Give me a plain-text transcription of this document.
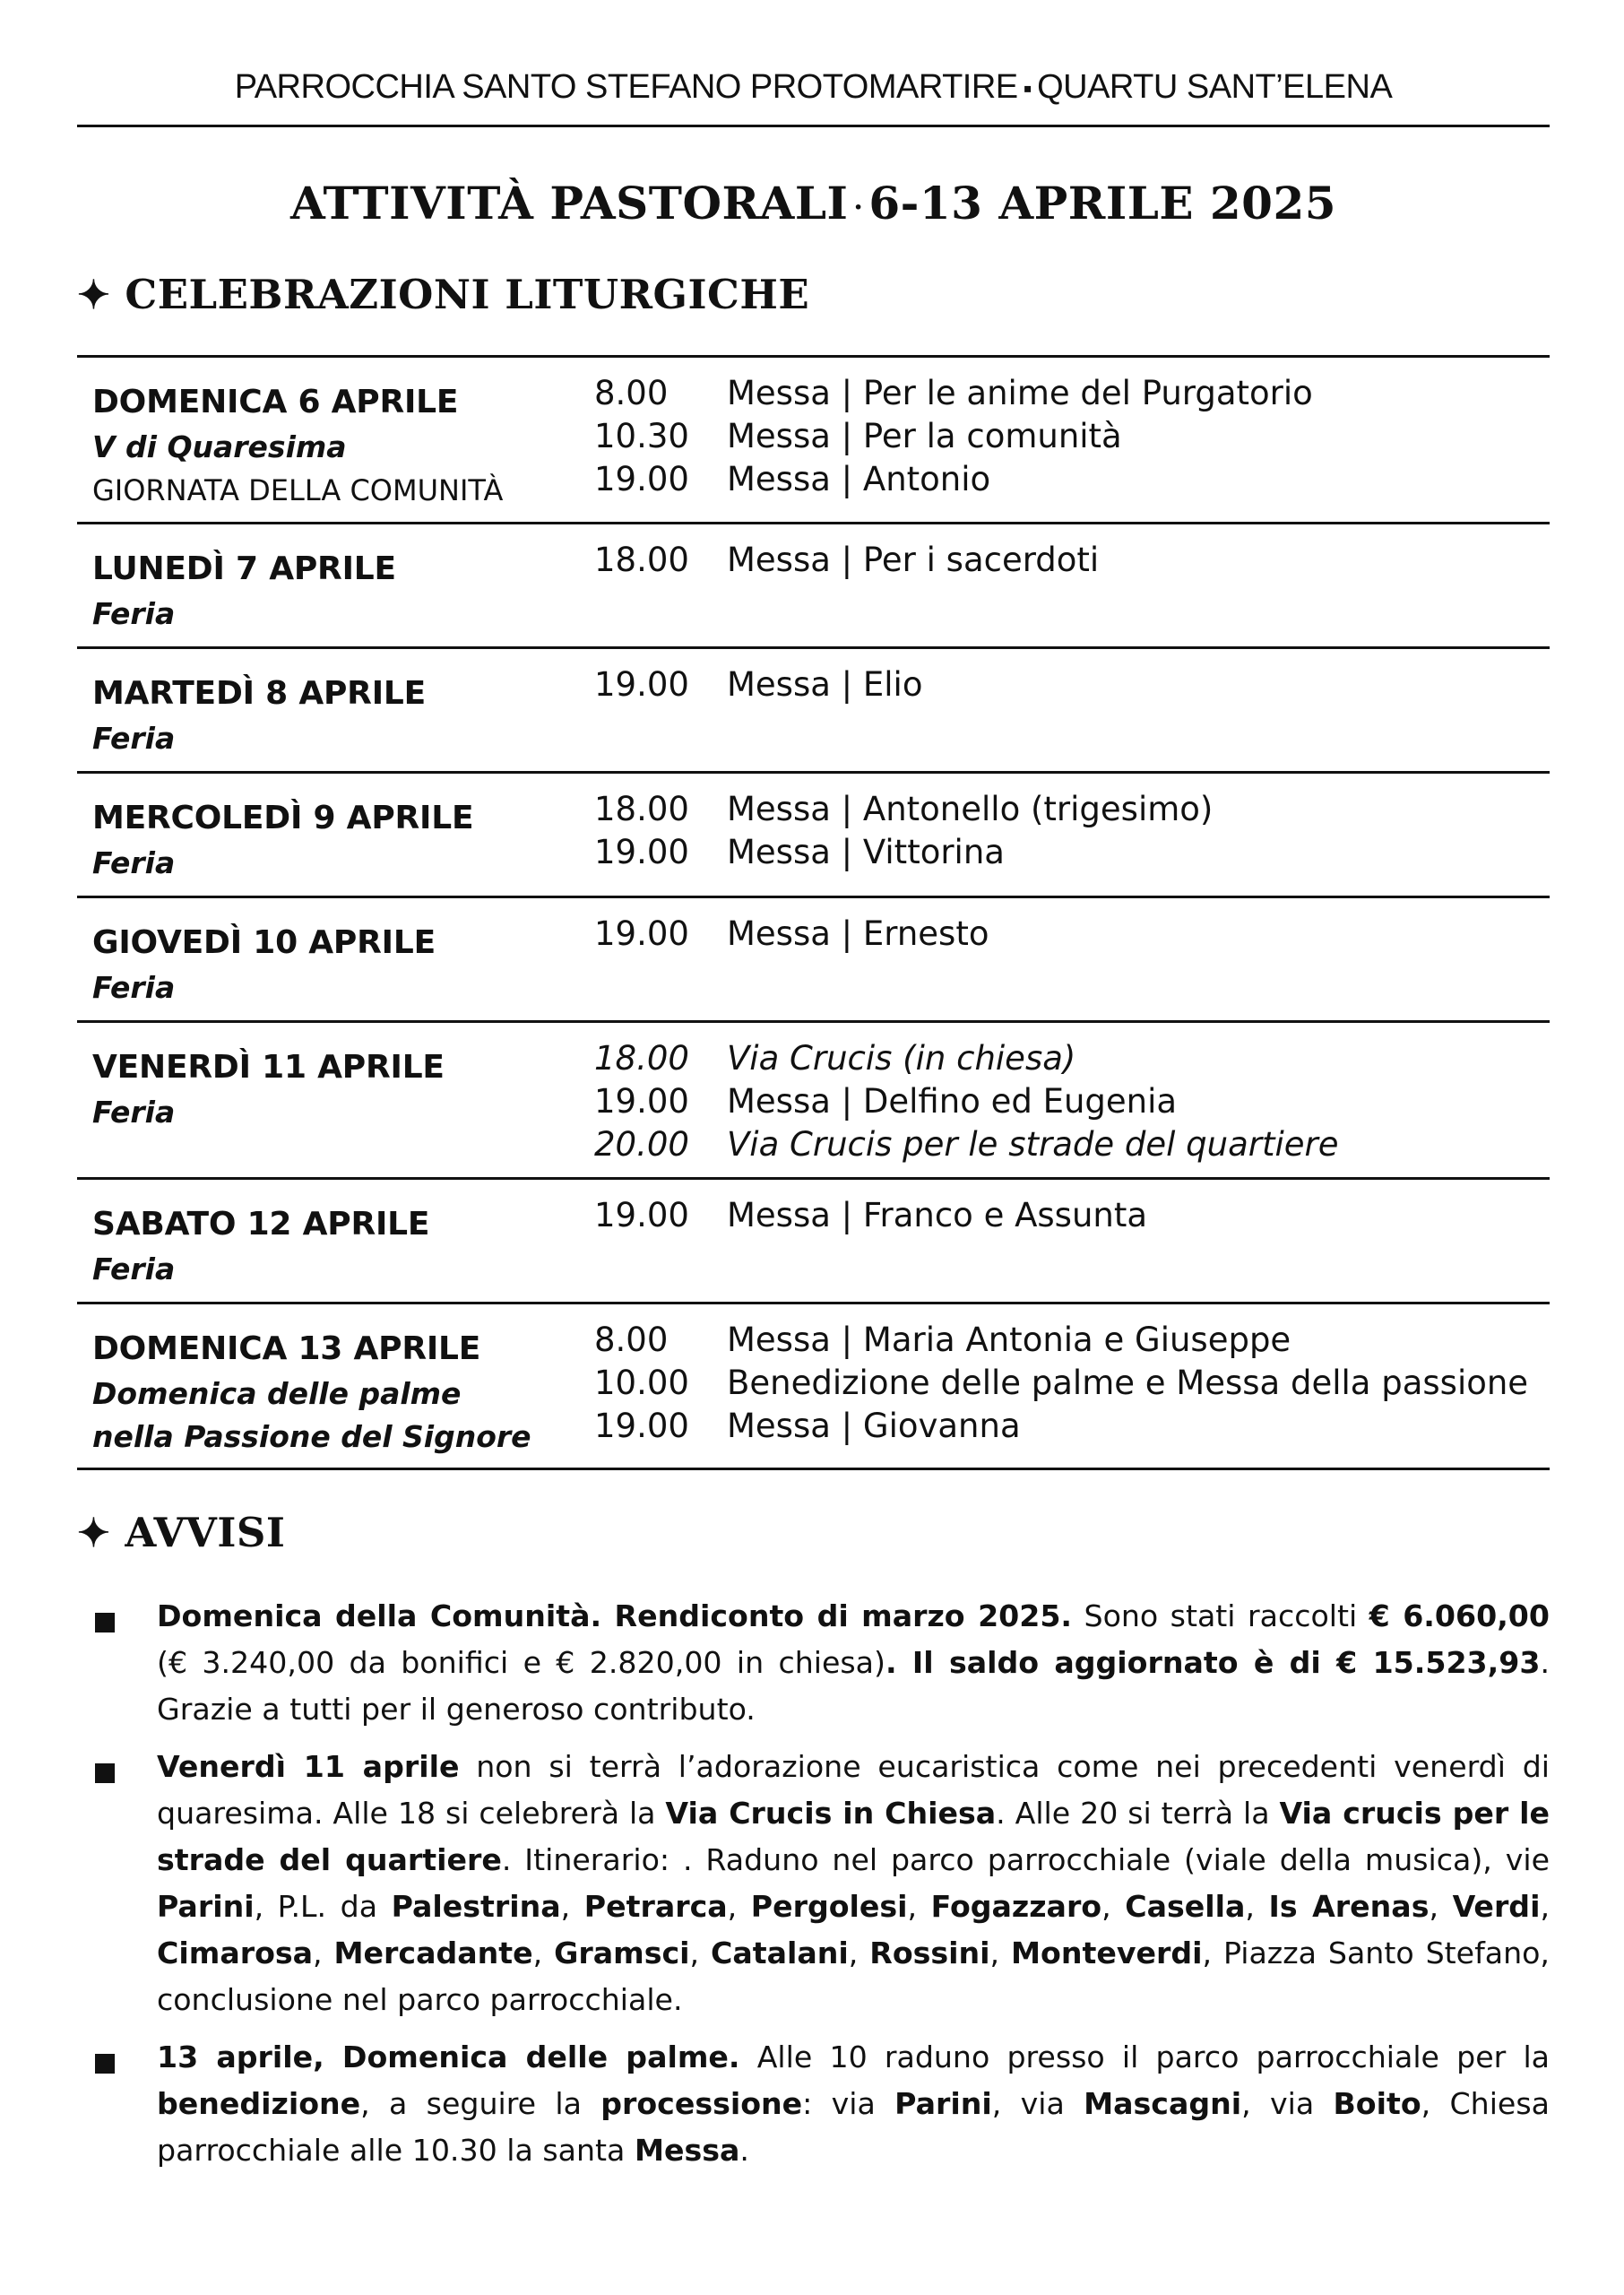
PARROCCHIA SANTO STEFANO PROTOMARTIRE ▪ QUARTU SANT’ELENA
ATTIVITÀ PASTORALI · 6-13 APRILE 2025
✦ CELEBRAZIONI LITURGICHE
DOMENICA 6 APRILE
V di Quaresima
GIORNATA DELLA COMUNITÀ
8.00	Messa | Per le anime del Purgatorio
10.30	Messa | Per la comunità
19.00	Messa | Antonio
LUNEDÌ 7 APRILE
Feria
18.00	Messa | Per i sacerdoti
MARTEDÌ 8 APRILE
Feria
19.00	Messa | Elio
MERCOLEDÌ 9 APRILE
Feria
18.00	Messa | Antonello (trigesimo)
19.00	Messa | Vittorina
GIOVEDÌ 10 APRILE
Feria
19.00	Messa | Ernesto
VENERDÌ 11 APRILE
Feria
18.00	Via Crucis (in chiesa)
19.00	Messa | Delfino ed Eugenia
20.00	Via Crucis per le strade del quartiere
SABATO 12 APRILE
Feria
19.00	Messa | Franco e Assunta
DOMENICA 13 APRILE
Domenica delle palme
nella Passione del Signore
8.00	Messa | Maria Antonia e Giuseppe
10.00	Benedizione delle palme e Messa della passione
19.00	Messa | Giovanna
✦ AVVISI

Domenica della Comunità. Rendiconto di marzo 2025. Sono stati raccolti € 6.060,00 (€ 3.240,00 da bonifici e € 2.820,00 in chiesa). Il saldo aggiornato è di € 15.523,93. Grazie a tutti per il generoso contributo.

Venerdì 11 aprile non si terrà l’adorazione eucaristica come nei precedenti venerdì di quaresima. Alle 18 si celebrerà la Via Crucis in Chiesa. Alle 20 si terrà la Via crucis per le strade del quartiere. Itinerario: . Raduno nel parco parrocchiale (viale della musica), vie Parini, P.L. da Palestrina, Petrarca, Pergolesi, Fogazzaro, Casella, Is Arenas, Verdi, Cimarosa, Mercadante, Gramsci, Catalani, Rossini, Monteverdi, Piazza Santo Stefano, conclusione nel parco parrocchiale.

13 aprile, Domenica delle palme. Alle 10 raduno presso il parco parrocchiale per la benedizione, a seguire la processione: via Parini, via Mascagni, via Boito, Chiesa parrocchiale alle 10.30 la santa Messa.
